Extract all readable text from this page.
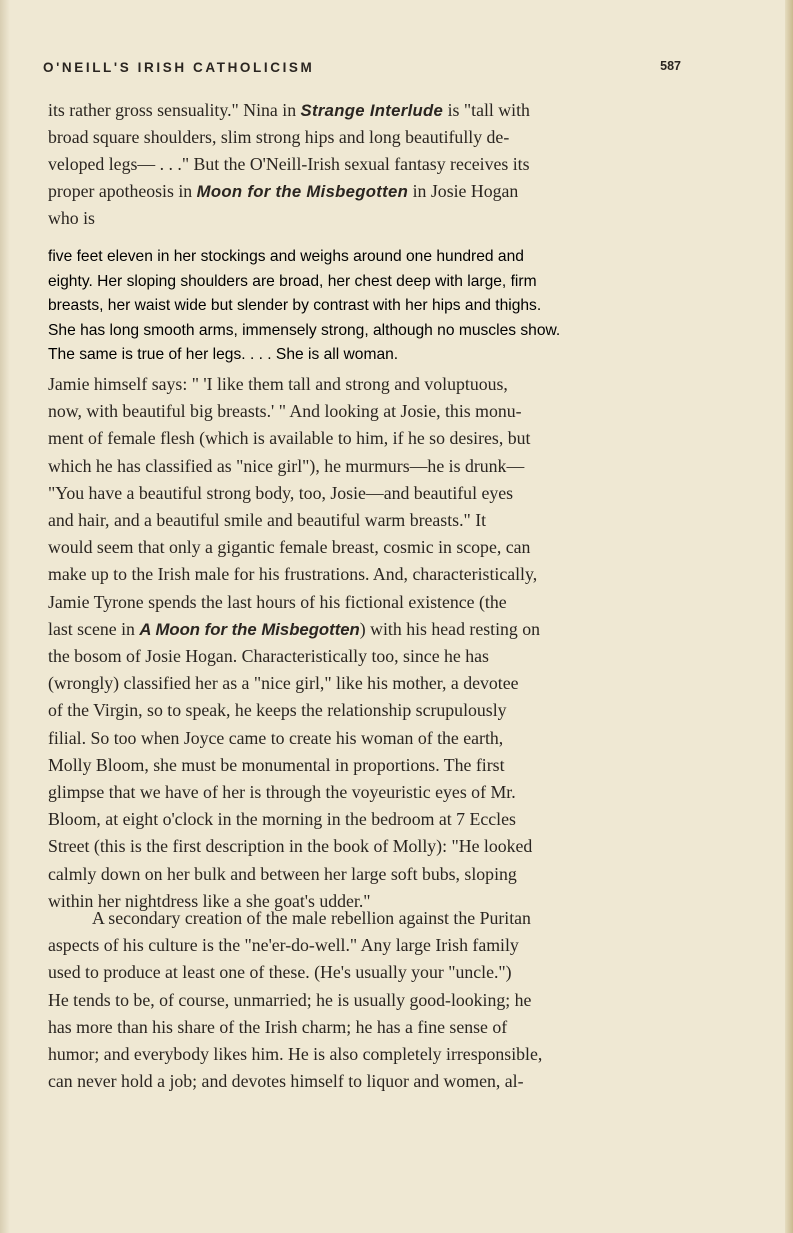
O'NEILL'S IRISH CATHOLICISM	587

its rather gross sensuality." Nina in Strange Interlude is "tall with
broad square shoulders, slim strong hips and long beautifully de-
veloped legs— . . ." But the O'Neill-Irish sexual fantasy receives its
proper apotheosis in Moon for the Misbegotten in Josie Hogan
who is

five feet eleven in her stockings and weighs around one hundred and
eighty. Her sloping shoulders are broad, her chest deep with large, firm
breasts, her waist wide but slender by contrast with her hips and thighs.
She has long smooth arms, immensely strong, although no muscles show.
The same is true of her legs. . . . She is all woman.

Jamie himself says: " 'I like them tall and strong and voluptuous,
now, with beautiful big breasts.' " And looking at Josie, this monu-
ment of female flesh (which is available to him, if he so desires, but
which he has classified as "nice girl"), he murmurs—he is drunk—
"You have a beautiful strong body, too, Josie—and beautiful eyes
and hair, and a beautiful smile and beautiful warm breasts." It
would seem that only a gigantic female breast, cosmic in scope, can
make up to the Irish male for his frustrations. And, characteristically,
Jamie Tyrone spends the last hours of his fictional existence (the
last scene in A Moon for the Misbegotten) with his head resting on
the bosom of Josie Hogan. Characteristically too, since he has
(wrongly) classified her as a "nice girl," like his mother, a devotee
of the Virgin, so to speak, he keeps the relationship scrupulously
filial. So too when Joyce came to create his woman of the earth,
Molly Bloom, she must be monumental in proportions. The first
glimpse that we have of her is through the voyeuristic eyes of Mr.
Bloom, at eight o'clock in the morning in the bedroom at 7 Eccles
Street (this is the first description in the book of Molly): "He looked
calmly down on her bulk and between her large soft bubs, sloping
within her nightdress like a she goat's udder."

A secondary creation of the male rebellion against the Puritan
aspects of his culture is the "ne'er-do-well." Any large Irish family
used to produce at least one of these. (He's usually your "uncle.")
He tends to be, of course, unmarried; he is usually good-looking; he
has more than his share of the Irish charm; he has a fine sense of
humor; and everybody likes him. He is also completely irresponsible,
can never hold a job; and devotes himself to liquor and women, al-
